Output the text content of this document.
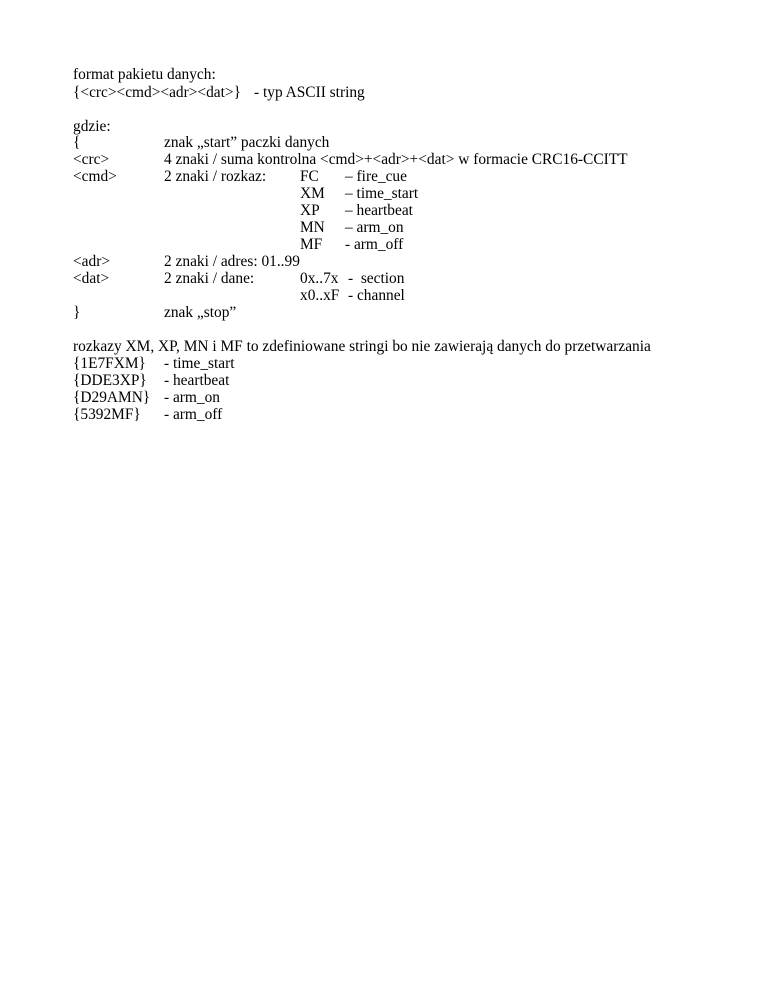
format pakietu danych:
{<crc><cmd><adr><dat>} - typ ASCII string
gdzie:
{	znak „start” paczki danych
<crc>	4 znaki / suma kontrolna <cmd>+<adr>+<dat> w formacie CRC16-CCITT
<cmd>	2 znaki / rozkaz: FC – fire_cue
XM – time_start
XP – heartbeat
MN – arm_on
MF - arm_off
<adr>	2 znaki / adres: 01..99
<dat>	2 znaki / dane:	0x..7x -  section
x0..xF - channel
}	znak „stop”
rozkazy XM, XP, MN i MF to zdefiniowane stringi bo nie zawierają danych do przetwarzania
{1E7FXM} - time_start
{DDE3XP} - heartbeat
{D29AMN} - arm_on
{5392MF} - arm_off
